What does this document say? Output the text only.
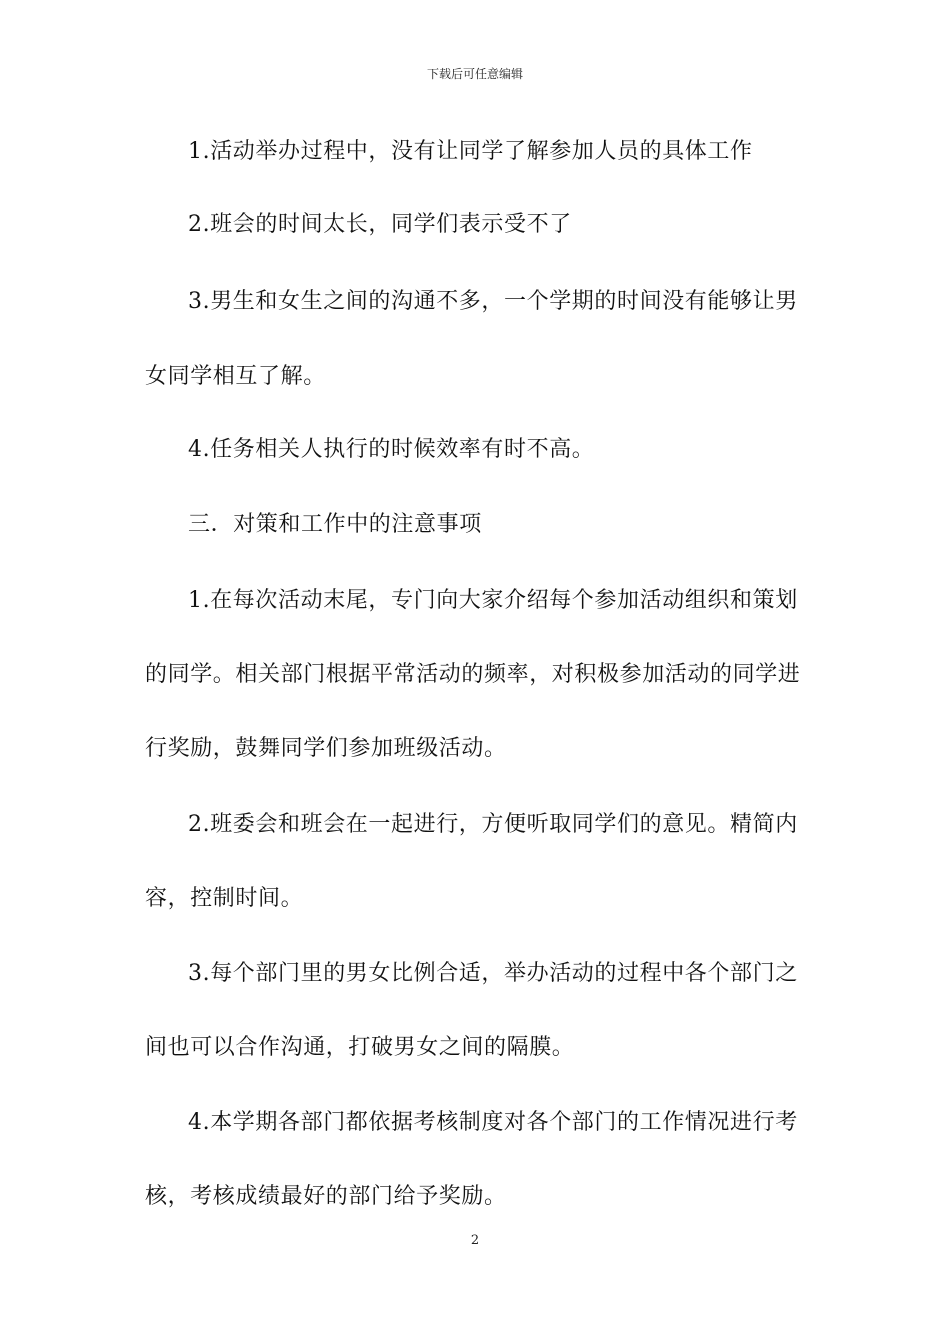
下载后可任意编辑
1.活动举办过程中，没有让同学了解参加人员的具体工作
2.班会的时间太长，同学们表示受不了
3.男生和女生之间的沟通不多，一个学期的时间没有能够让男
女同学相互了解。
4.任务相关人执行的时候效率有时不高。
三．对策和工作中的注意事项
1.在每次活动末尾，专门向大家介绍每个参加活动组织和策划
的同学。相关部门根据平常活动的频率，对积极参加活动的同学进
行奖励，鼓舞同学们参加班级活动。
2.班委会和班会在一起进行，方便听取同学们的意见。精简内
容，控制时间。
3.每个部门里的男女比例合适，举办活动的过程中各个部门之
间也可以合作沟通，打破男女之间的隔膜。
4.本学期各部门都依据考核制度对各个部门的工作情况进行考
核，考核成绩最好的部门给予奖励。
2
